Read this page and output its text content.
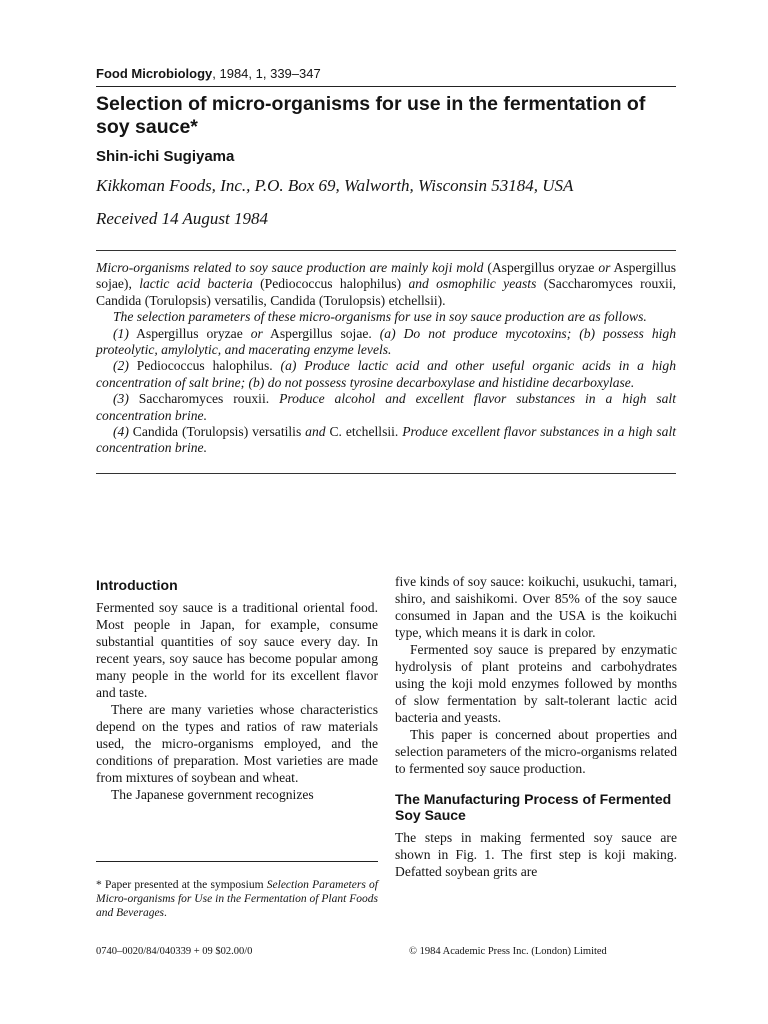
Food Microbiology, 1984, 1, 339–347
Selection of micro-organisms for use in the fermentation of soy sauce*
Shin-ichi Sugiyama
Kikkoman Foods, Inc., P.O. Box 69, Walworth, Wisconsin 53184, USA
Received 14 August 1984

Micro-organisms related to soy sauce production are mainly koji mold (Aspergillus oryzae or Aspergillus sojae), lactic acid bacteria (Pediococcus halophilus) and osmophilic yeasts (Saccharomyces rouxii, Candida (Torulopsis) versatilis, Candida (Torulopsis) etchellsii).

The selection parameters of these micro-organisms for use in soy sauce production are as follows.

(1) Aspergillus oryzae or Aspergillus sojae. (a) Do not produce mycotoxins; (b) possess high proteolytic, amylolytic, and macerating enzyme levels.

(2) Pediococcus halophilus. (a) Produce lactic acid and other useful organic acids in a high concentration of salt brine; (b) do not possess tyrosine decarboxylase and histidine decarboxylase.

(3) Saccharomyces rouxii. Produce alcohol and excellent flavor substances in a high salt concentration brine.

(4) Candida (Torulopsis) versatilis and C. etchellsii. Produce excellent flavor substances in a high salt concentration brine.

Introduction

Fermented soy sauce is a traditional oriental food. Most people in Japan, for example, consume substantial quantities of soy sauce every day. In recent years, soy sauce has become popular among many people in the world for its excellent flavor and taste.

There are many varieties whose characteristics depend on the types and ratios of raw materials used, the micro-organisms employed, and the conditions of preparation. Most varieties are made from mixtures of soybean and wheat.

The Japanese government recognizes

* Paper presented at the symposium Selection Parameters of Micro-organisms for Use in the Fermentation of Plant Foods and Beverages.
0740–0020/84/040339 + 09 $02.00/0

five kinds of soy sauce: koikuchi, usukuchi, tamari, shiro, and saishikomi. Over 85% of the soy sauce consumed in Japan and the USA is the koikuchi type, which means it is dark in color.

Fermented soy sauce is prepared by enzymatic hydrolysis of plant proteins and carbohydrates using the koji mold enzymes followed by months of slow fermentation by salt-tolerant lactic acid bacteria and yeasts.

This paper is concerned about properties and selection parameters of the micro-organisms related to fermented soy sauce production.

The Manufacturing Process of Fermented Soy Sauce

The steps in making fermented soy sauce are shown in Fig. 1. The first step is koji making. Defatted soybean grits are

© 1984 Academic Press Inc. (London) Limited
